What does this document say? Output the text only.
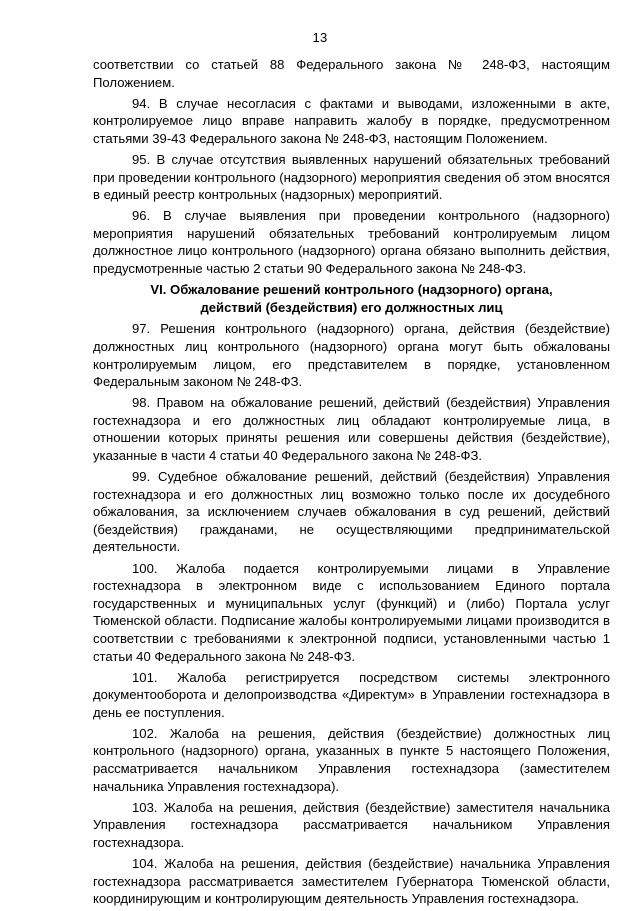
13

соответствии со статьей 88 Федерального закона № 248-ФЗ, настоящим Положением.

94. В случае несогласия с фактами и выводами, изложенными в акте, контролируемое лицо вправе направить жалобу в порядке, предусмотренном статьями 39-43 Федерального закона № 248-ФЗ, настоящим Положением.

95. В случае отсутствия выявленных нарушений обязательных требований при проведении контрольного (надзорного) мероприятия сведения об этом вносятся в единый реестр контрольных (надзорных) мероприятий.

96. В случае выявления при проведении контрольного (надзорного) мероприятия нарушений обязательных требований контролируемым лицом должностное лицо контрольного (надзорного) органа обязано выполнить действия, предусмотренные частью 2 статьи 90 Федерального закона № 248-ФЗ.

VI. Обжалование решений контрольного (надзорного) органа,
действий (бездействия) его должностных лиц

97. Решения контрольного (надзорного) органа, действия (бездействие) должностных лиц контрольного (надзорного) органа могут быть обжалованы контролируемым лицом, его представителем в порядке, установленном Федеральным законом № 248-ФЗ.

98. Правом на обжалование решений, действий (бездействия) Управления гостехнадзора и его должностных лиц обладают контролируемые лица, в отношении которых приняты решения или совершены действия (бездействие), указанные в части 4 статьи 40 Федерального закона № 248-ФЗ.

99. Судебное обжалование решений, действий (бездействия) Управления гостехнадзора и его должностных лиц возможно только после их досудебного обжалования, за исключением случаев обжалования в суд решений, действий (бездействия) гражданами, не осуществляющими предпринимательской деятельности.

100. Жалоба подается контролируемыми лицами в Управление гостехнадзора в электронном виде с использованием Единого портала государственных и муниципальных услуг (функций) и (либо) Портала услуг Тюменской области. Подписание жалобы контролируемыми лицами производится в соответствии с требованиями к электронной подписи, установленными частью 1 статьи 40 Федерального закона № 248-ФЗ.

101. Жалоба регистрируется посредством системы электронного документооборота и делопроизводства «Директум» в Управлении гостехнадзора в день ее поступления.

102. Жалоба на решения, действия (бездействие) должностных лиц контрольного (надзорного) органа, указанных в пункте 5 настоящего Положения, рассматривается начальником Управления гостехнадзора (заместителем начальника Управления гостехнадзора).

103. Жалоба на решения, действия (бездействие) заместителя начальника Управления гостехнадзора рассматривается начальником Управления гостехнадзора.

104. Жалоба на решения, действия (бездействие) начальника Управления гостехнадзора рассматривается заместителем Губернатора Тюменской области, координирующим и контролирующим деятельность Управления гостехнадзора.
